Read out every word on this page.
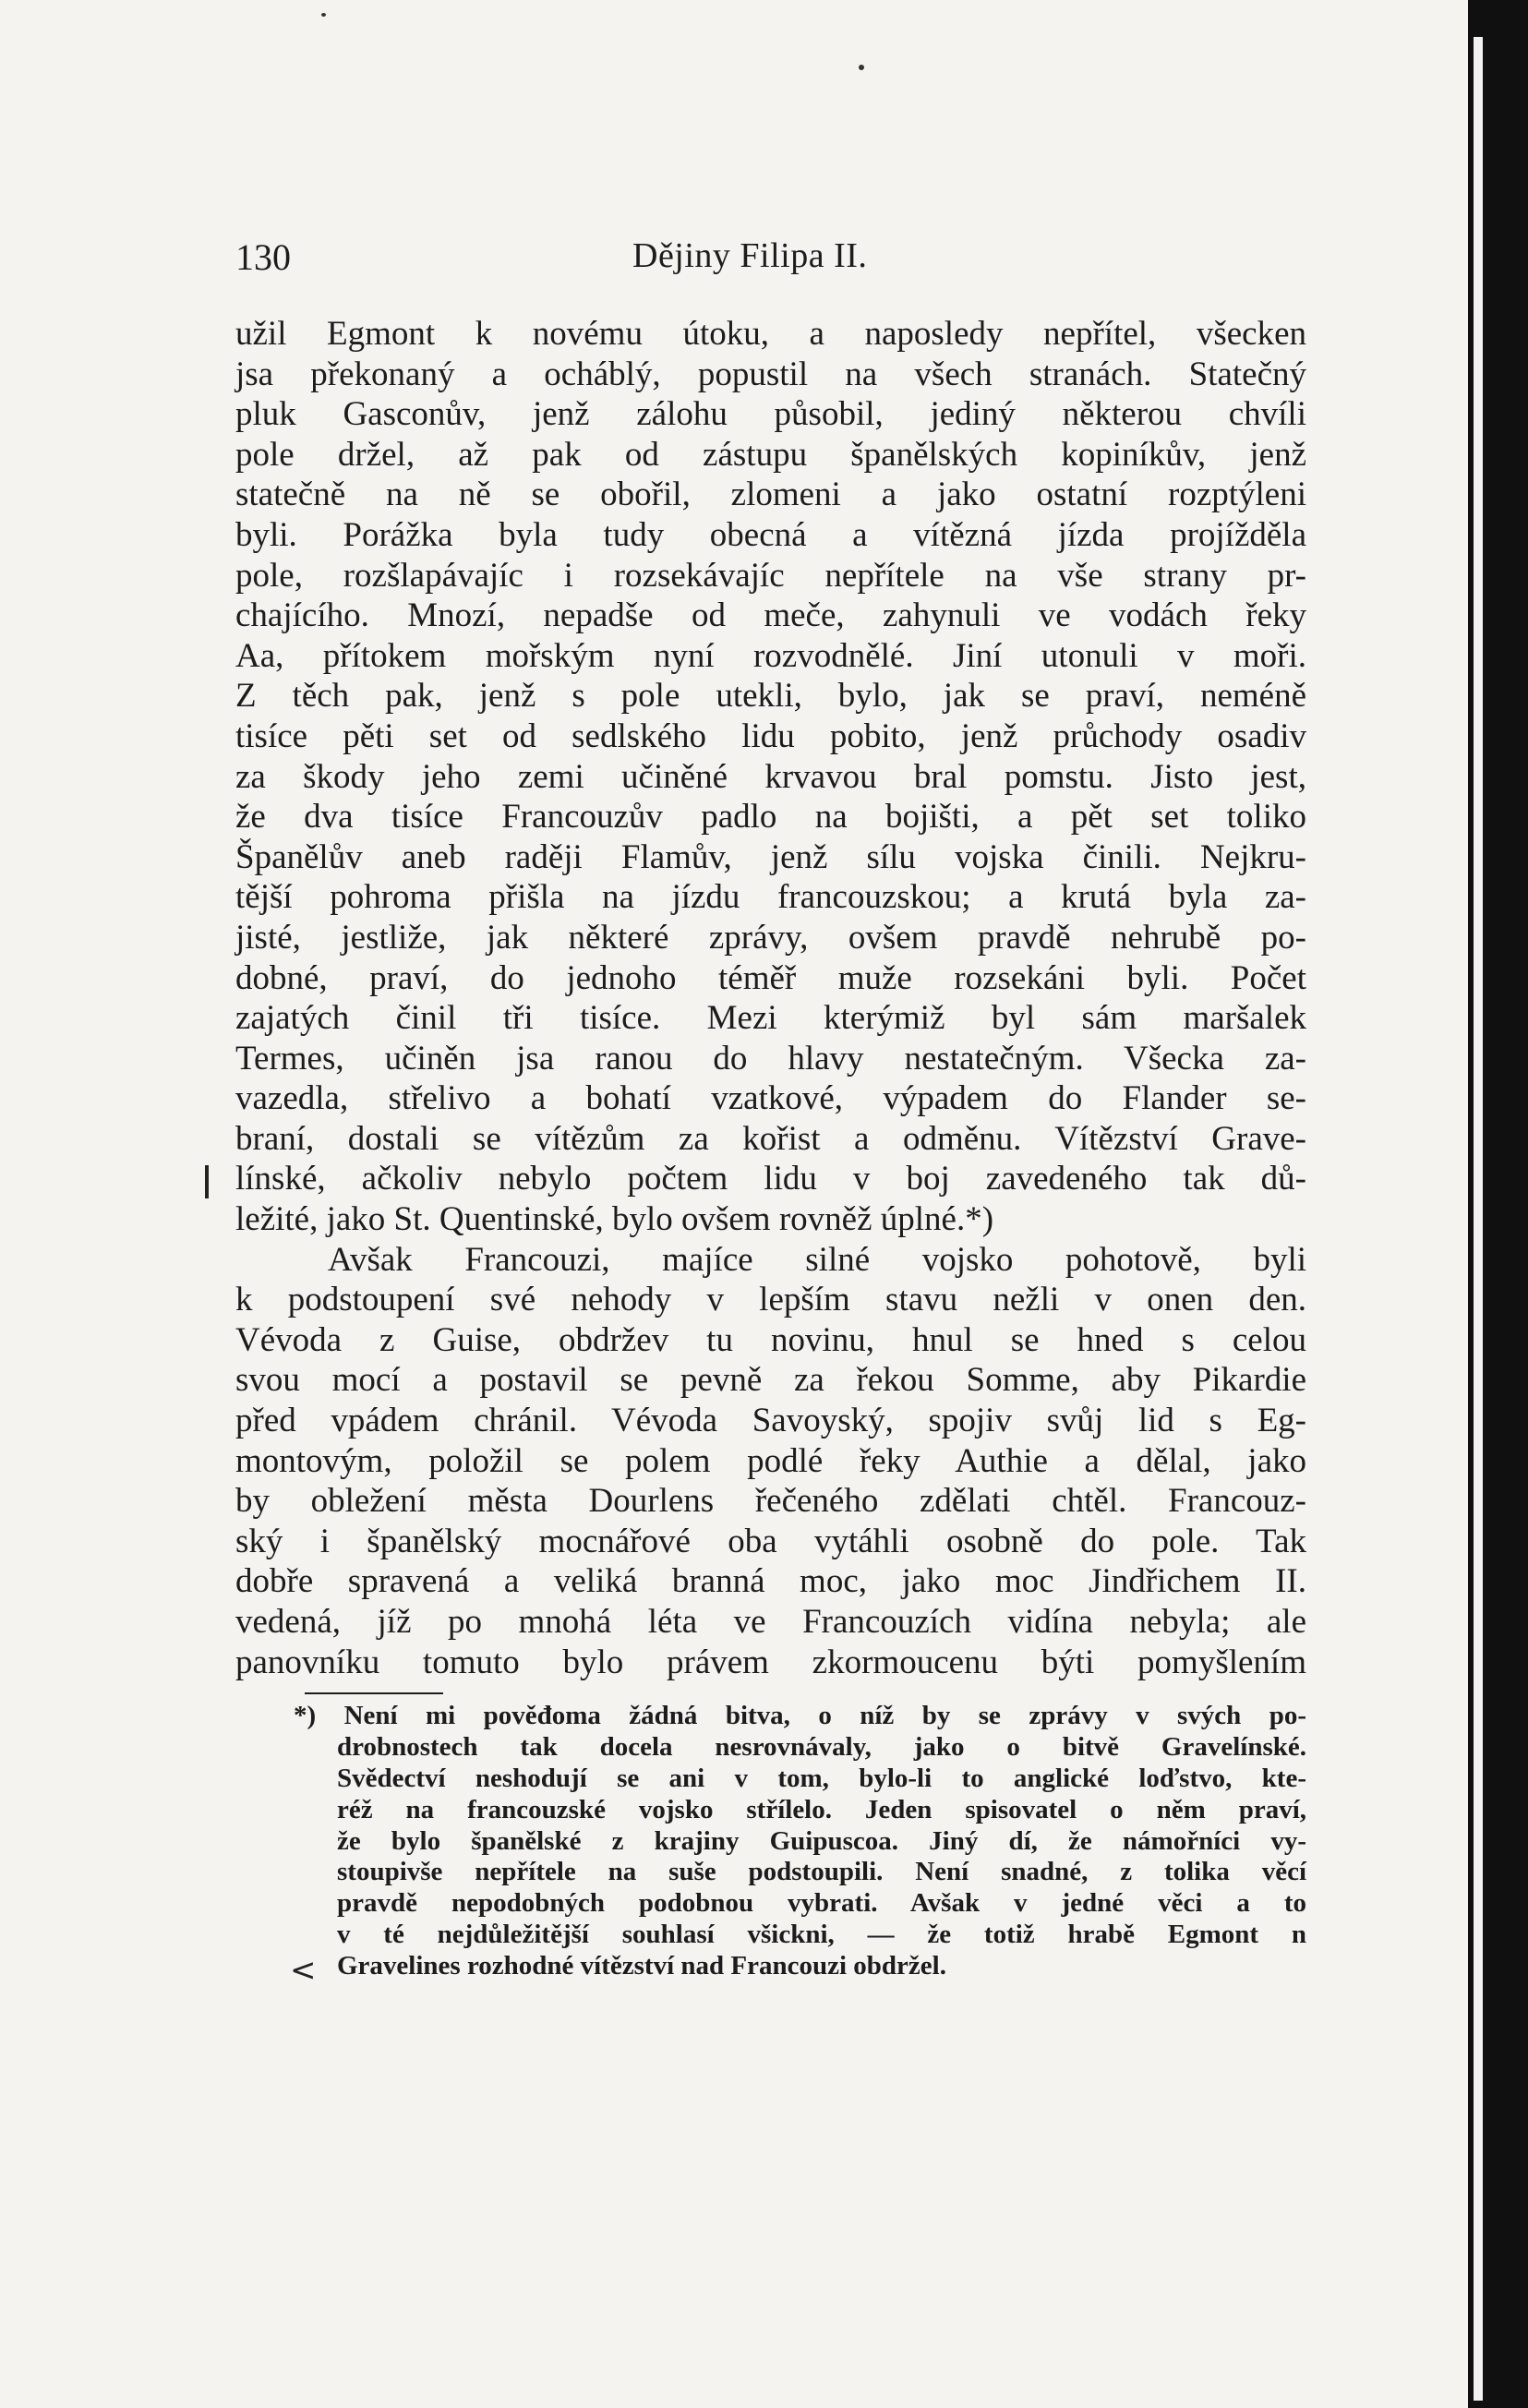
130	Dějiny Filipa II.
užil Egmont k novému útoku, a naposledy nepřítel, všecken
jsa překonaný a ocháblý, popustil na všech stranách. Statečný
pluk Gasconův, jenž zálohu působil, jediný některou chvíli
pole držel, až pak od zástupu španělských kopiníkův, jenž
statečně na ně se obořil, zlomeni a jako ostatní rozptýleni
byli. Porážka byla tudy obecná a vítězná jízda projížděla
pole, rozšlapávajíc i rozsekávajíc nepřítele na vše strany pr-
chajícího. Mnozí, nepadše od meče, zahynuli ve vodách řeky
Aa, přítokem mořským nyní rozvodnělé. Jiní utonuli v moři.
Z těch pak, jenž s pole utekli, bylo, jak se praví, neméně
tisíce pěti set od sedlského lidu pobito, jenž průchody osadiv
za škody jeho zemi učiněné krvavou bral pomstu. Jisto jest,
že dva tisíce Francouzův padlo na bojišti, a pět set toliko
Španělův aneb raději Flamův, jenž sílu vojska činili. Nejkru-
tější pohroma přišla na jízdu francouzskou; a krutá byla za-
jisté, jestliže, jak některé zprávy, ovšem pravdě nehrubě po-
dobné, praví, do jednoho téměř muže rozsekáni byli. Počet
zajatých činil tři tisíce. Mezi kterýmiž byl sám maršalek
Termes, učiněn jsa ranou do hlavy nestatečným. Všecka za-
vazedla, střelivo a bohatí vzatkové, výpadem do Flander se-
braní, dostali se vítězům za kořist a odměnu. Vítězství Grave-
línské, ačkoliv nebylo počtem lidu v boj zavedeného tak dů-
ležité, jako St. Quentinské, bylo ovšem rovněž úplné.*)
Avšak Francouzi, majíce silné vojsko pohotově, byli
k podstoupení své nehody v lepším stavu nežli v onen den.
Vévoda z Guise, obdržev tu novinu, hnul se hned s celou
svou mocí a postavil se pevně za řekou Somme, aby Pikardie
před vpádem chránil. Vévoda Savoyský, spojiv svůj lid s Eg-
montovým, položil se polem podlé řeky Authie a dělal, jako
by obležení města Dourlens řečeného zdělati chtěl. Francouz-
ský i španělský mocnářové oba vytáhli osobně do pole. Tak
dobře spravená a veliká branná moc, jako moc Jindřichem II.
vedená, jíž po mnohá léta ve Francouzích vidína nebyla; ale
panovníku tomuto bylo právem zkormoucenu býti pomyšlením
*) Není mi pověđoma žádná bitva, o níž by se zprávy v svých po-
drobnostech tak docela nesrovnávaly, jako o bitvě Gravelínské.
Svědectví neshodují se ani v tom, bylo-li to anglické loďstvo, kte-
réž na francouzské vojsko střílelo. Jeden spisovatel o něm praví,
že bylo španělské z krajiny Guipuscoa. Jiný dí, že námořníci vy-
stoupivše nepřítele na suše podstoupili. Není snadné, z tolika věcí
pravdě nepodobných podobnou vybrati. Avšak v jedné věci a to
v té nejdůležitější souhlasí všickni, — že totiž hrabě Egmont n
Gravelines rozhodné vítězství nad Francouzi obdržel.
<
